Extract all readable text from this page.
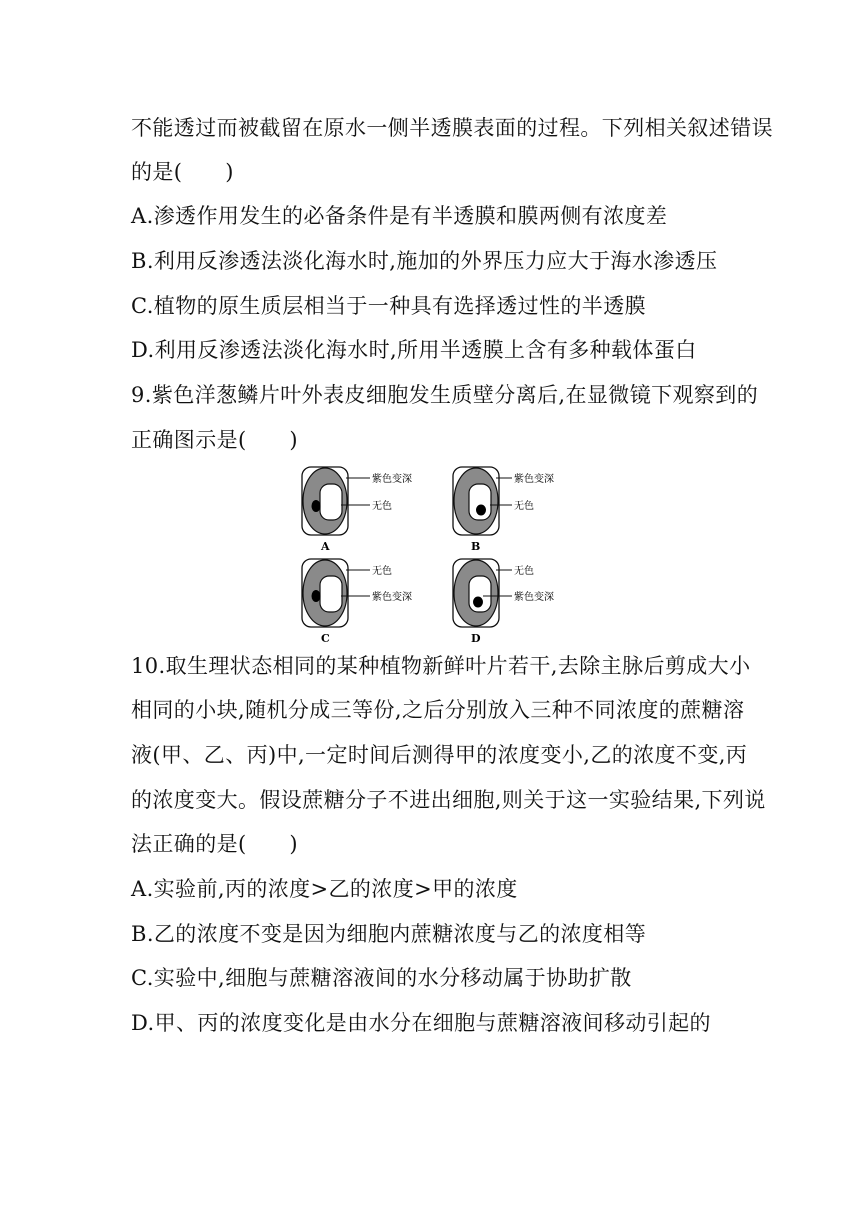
不能透过而被截留在原水一侧半透膜表面的过程。下列相关叙述错误
的是(　　)
A.渗透作用发生的必备条件是有半透膜和膜两侧有浓度差
B.利用反渗透法淡化海水时,施加的外界压力应大于海水渗透压
C.植物的原生质层相当于一种具有选择透过性的半透膜
D.利用反渗透法淡化海水时,所用半透膜上含有多种载体蛋白
9.紫色洋葱鳞片叶外表皮细胞发生质壁分离后,在显微镜下观察到的
正确图示是(　　)
紫色变深
无色
A
紫色变深
无色
B
无色
紫色变深
C
无色
紫色变深
D
10.取生理状态相同的某种植物新鲜叶片若干,去除主脉后剪成大小
相同的小块,随机分成三等份,之后分别放入三种不同浓度的蔗糖溶
液(甲、乙、丙)中,一定时间后测得甲的浓度变小,乙的浓度不变,丙
的浓度变大。假设蔗糖分子不进出细胞,则关于这一实验结果,下列说
法正确的是(　　)
A.实验前,丙的浓度>乙的浓度>甲的浓度
B.乙的浓度不变是因为细胞内蔗糖浓度与乙的浓度相等
C.实验中,细胞与蔗糖溶液间的水分移动属于协助扩散
D.甲、丙的浓度变化是由水分在细胞与蔗糖溶液间移动引起的
